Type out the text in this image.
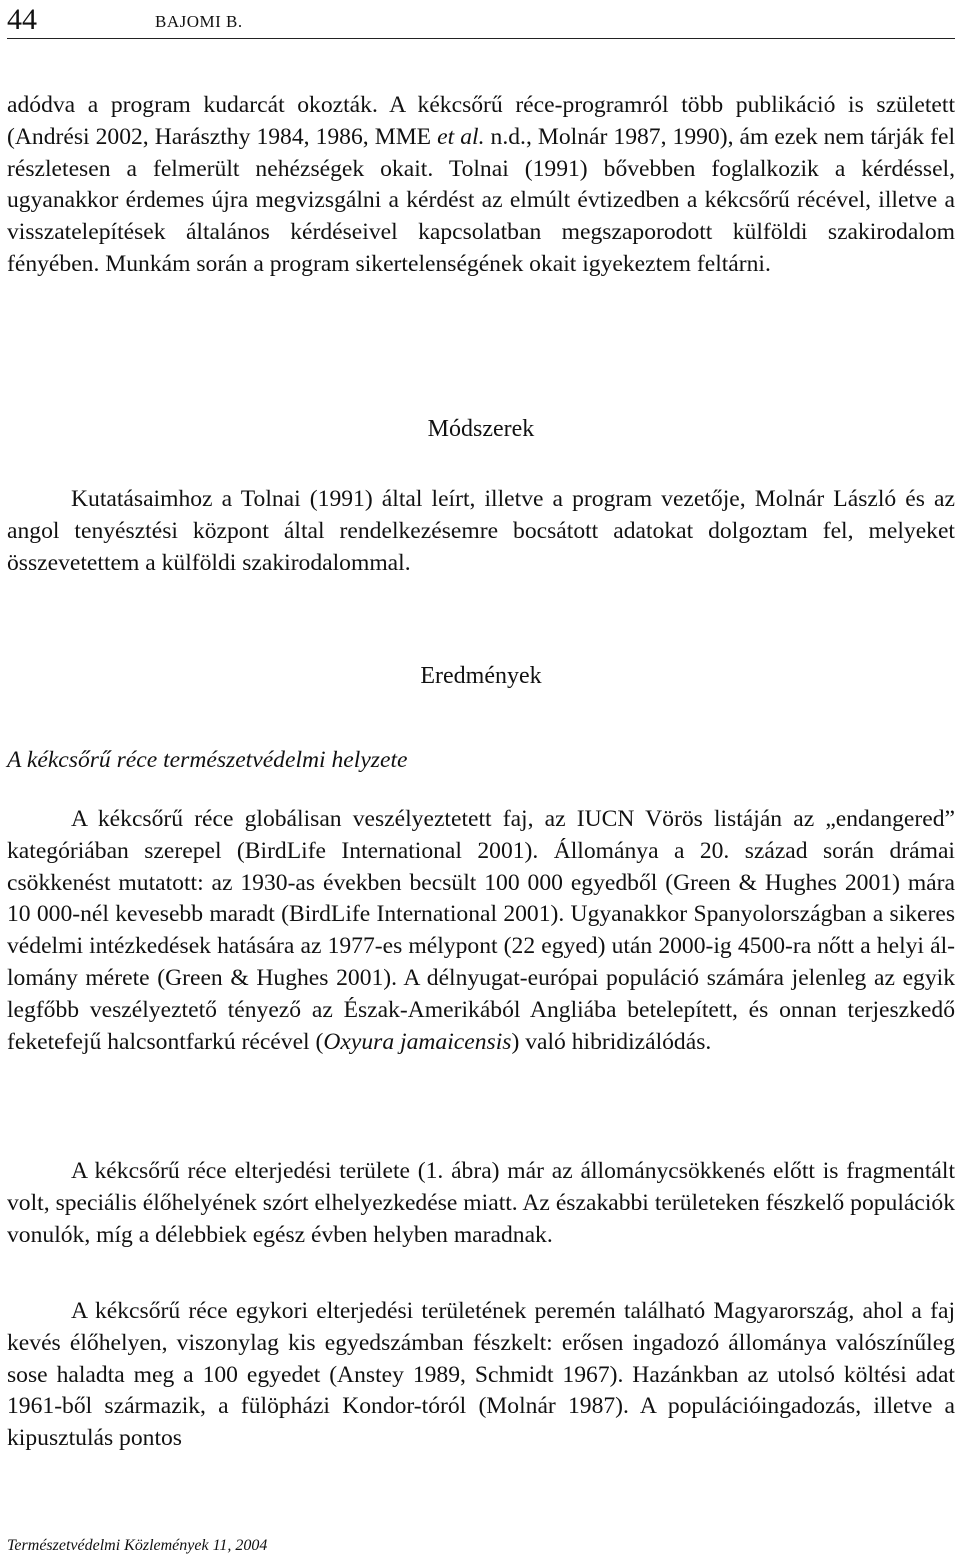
44	BAJOMI B.

adódva a program kudarcát okozták. A kékcsőrű réce-programról több publikáció is született (Andrési 2002, Harászthy 1984, 1986, MME et al. n.d., Molnár 1987, 1990), ám ezek nem tárják fel részletesen a felmerült nehézségek okait. Tolnai (1991) bővebben foglalkozik a kérdéssel, ugyanakkor érdemes újra megvizsgálni a kérdést az elmúlt évtizedben a kékcsőrű récével, illetve a visszatelepítések általános kérdéseivel kapcsolatban megszaporodott külföldi szakirodalom fényében. Munkám során a program sikertelenségének okait igyekeztem feltárni.

Módszerek

Kutatásaimhoz a Tolnai (1991) által leírt, illetve a program vezetője, Molnár László és az angol tenyésztési központ által rendelkezésemre bocsátott adatokat dolgoztam fel, melyeket összevetettem a külföldi szakirodalommal.

Eredmények
A kékcsőrű réce természetvédelmi helyzete

A kékcsőrű réce globálisan veszélyeztetett faj, az IUCN Vörös listáján az „endangered” kategóriában szerepel (BirdLife International 2001). Állománya a 20. század során drámai csökkenést mutatott: az 1930-as években becsült 100 000 egyedből (Green & Hughes 2001) mára 10 000-nél kevesebb maradt (BirdLife International 2001). Ugyanakkor Spanyolországban a sikeres védelmi intézkedések hatására az 1977-es mélypont (22 egyed) után 2000-ig 4500-ra nőtt a helyi állomány mérete (Green & Hughes 2001). A délnyugat-európai populáció számára jelenleg az egyik legfőbb veszélyeztető tényező az Észak-Amerikából Angliába betelepített, és onnan terjeszkedő feketefejű halcsontfarkú récével (Oxyura jamaicensis) való hibridizálódás.

A kékcsőrű réce elterjedési területe (1. ábra) már az állománycsökkenés előtt is fragmentált volt, speciális élőhelyének szórt elhelyezkedése miatt. Az északabbi területeken fészkelő populációk vonulók, míg a délebbiek egész évben helyben maradnak.

A kékcsőrű réce egykori elterjedési területének peremén található Magyarország, ahol a faj kevés élőhelyen, viszonylag kis egyedszámban fészkelt: erősen ingadozó állománya valószínűleg sose haladta meg a 100 egyedet (Anstey 1989, Schmidt 1967). Hazánkban az utolsó költési adat 1961-ből származik, a fülöpházi Kondor-tóról (Molnár 1987). A populációingadozás, illetve a kipusztulás pontos

Természetvédelmi Közlemények 11, 2004
